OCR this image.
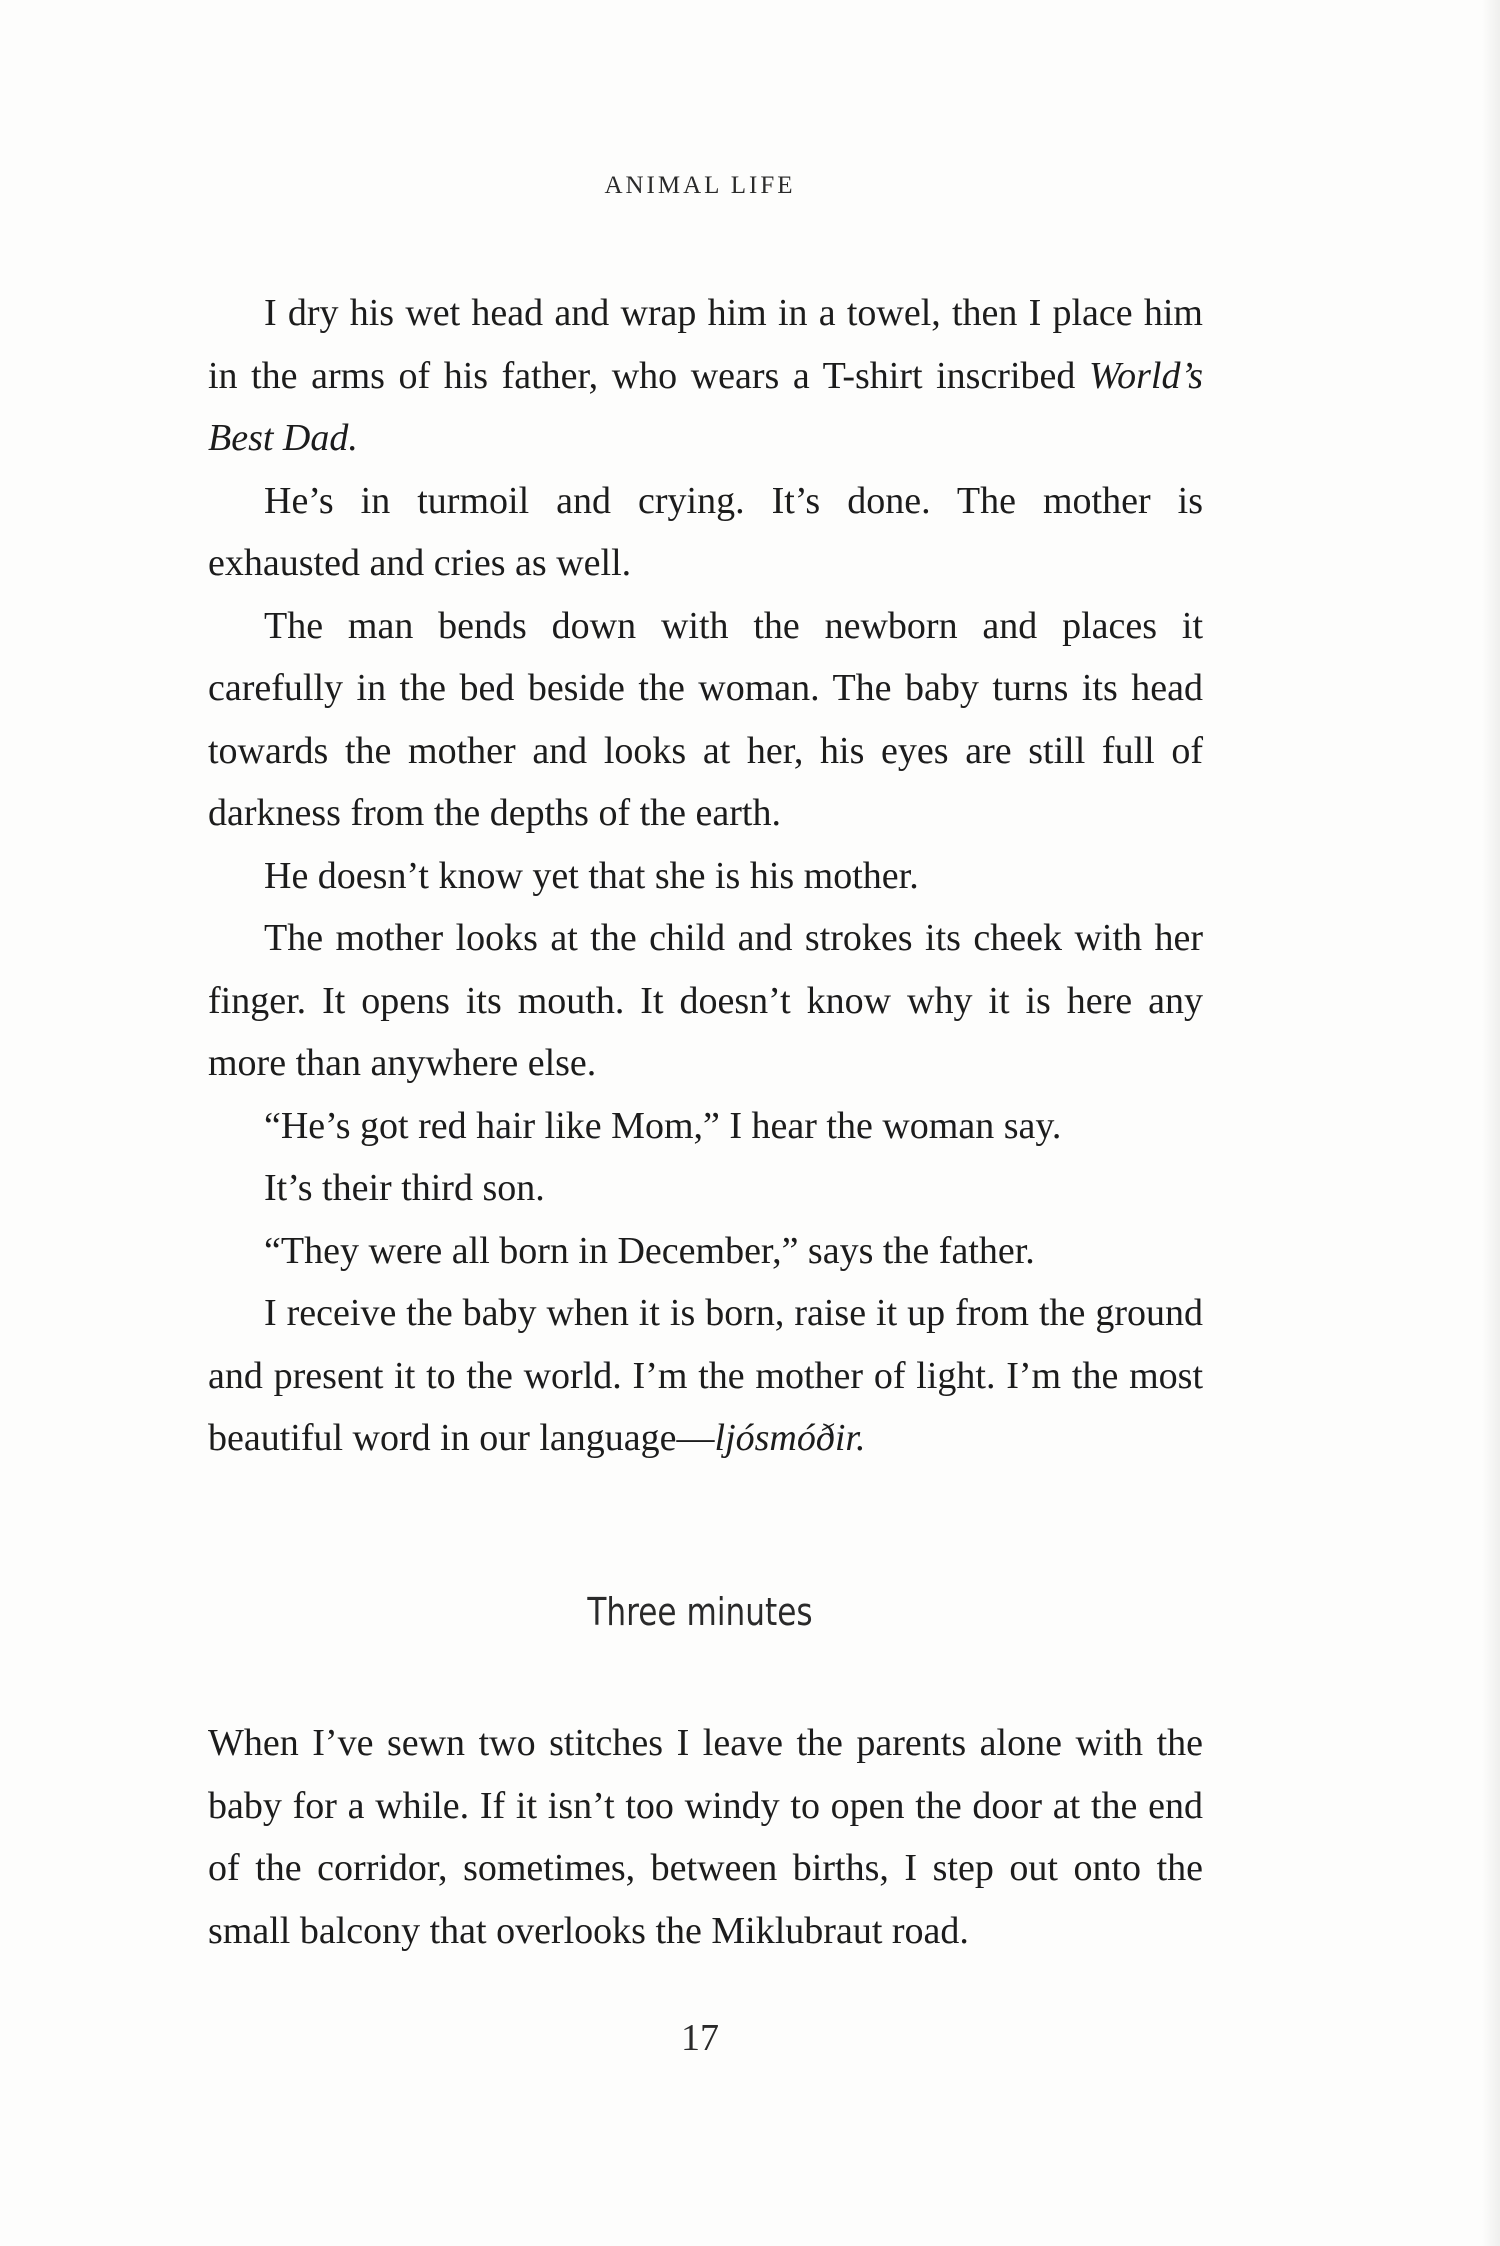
ANIMAL LIFE

I dry his wet head and wrap him in a towel, then I place him in the arms of his father, who wears a T-shirt inscribed World’s Best Dad.

He’s in turmoil and crying. It’s done. The mother is exhausted and cries as well.

The man bends down with the newborn and places it carefully in the bed beside the woman. The baby turns its head towards the mother and looks at her, his eyes are still full of darkness from the depths of the earth.

He doesn’t know yet that she is his mother.

The mother looks at the child and strokes its cheek with her finger. It opens its mouth. It doesn’t know why it is here any more than anywhere else.

“He’s got red hair like Mom,” I hear the woman say.

It’s their third son.

“They were all born in December,” says the father.

I receive the baby when it is born, raise it up from the ground and present it to the world. I’m the mother of light. I’m the most beautiful word in our language—ljósmóðir.

Three minutes

When I’ve sewn two stitches I leave the parents alone with the baby for a while. If it isn’t too windy to open the door at the end of the corridor, sometimes, between births, I step out onto the small balcony that overlooks the Miklubraut road.

17
